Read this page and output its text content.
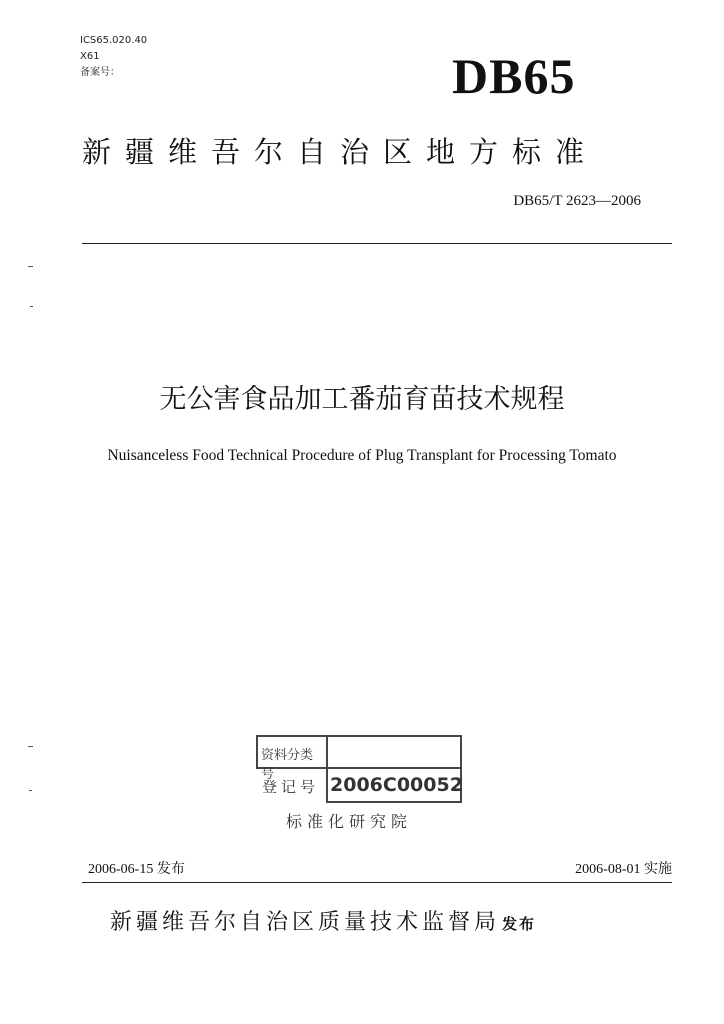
ICS65.020.40
X61
备案号：	DB65
新疆维吾尔自治区地方标准
DB65/T 2623—2006
无公害食品加工番茄育苗技术规程
Nuisanceless Food Technical Procedure of Plug Transplant for Processing Tomato
资料分类号
登记号 2006C00052
标准化研究院
2006-06-15 发布	2006-08-01 实施
新疆维吾尔自治区质量技术监督局 发布
